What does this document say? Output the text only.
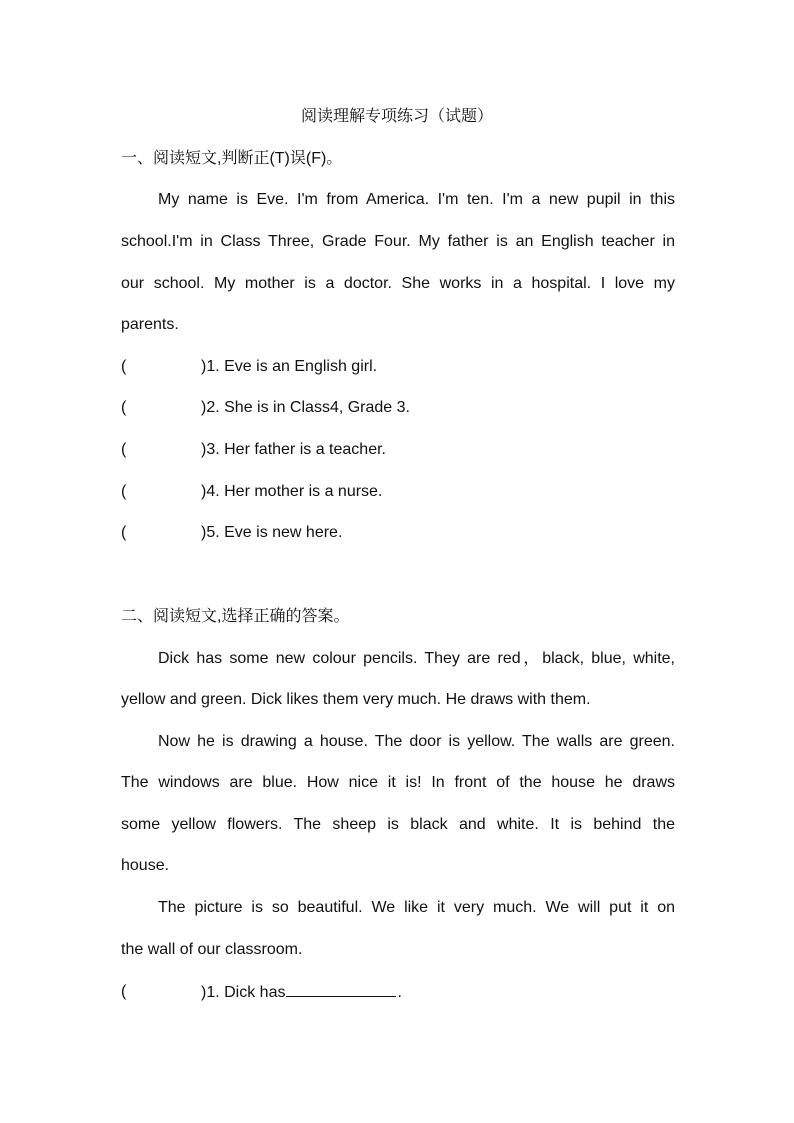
阅读理解专项练习（试题）
一、阅读短文,判断正(T)误(F)。
My name is Eve. I'm from America. I'm ten. I'm a new pupil in this
school.I'm in Class Three, Grade Four. My father is an English teacher in
our school. My mother is a doctor. She works in a hospital. I love my
parents.
(	)1. Eve is an English girl.
(	)2. She is in Class4, Grade 3.
(	)3. Her father is a teacher.
(	)4. Her mother is a nurse.
(	)5. Eve is new here.
二、阅读短文,选择正确的答案。
Dick has some new colour pencils. They are red，black, blue, white,
yellow and green. Dick likes them very much. He draws with them.
Now he is drawing a house. The door is yellow. The walls are green.
The windows are blue. How nice it is! In front of the house he draws
some yellow flowers. The sheep is black and white. It is behind the
house.
The picture is so beautiful. We like it very much. We will put it on
the wall of our classroom.
(	)1. Dick has	.
